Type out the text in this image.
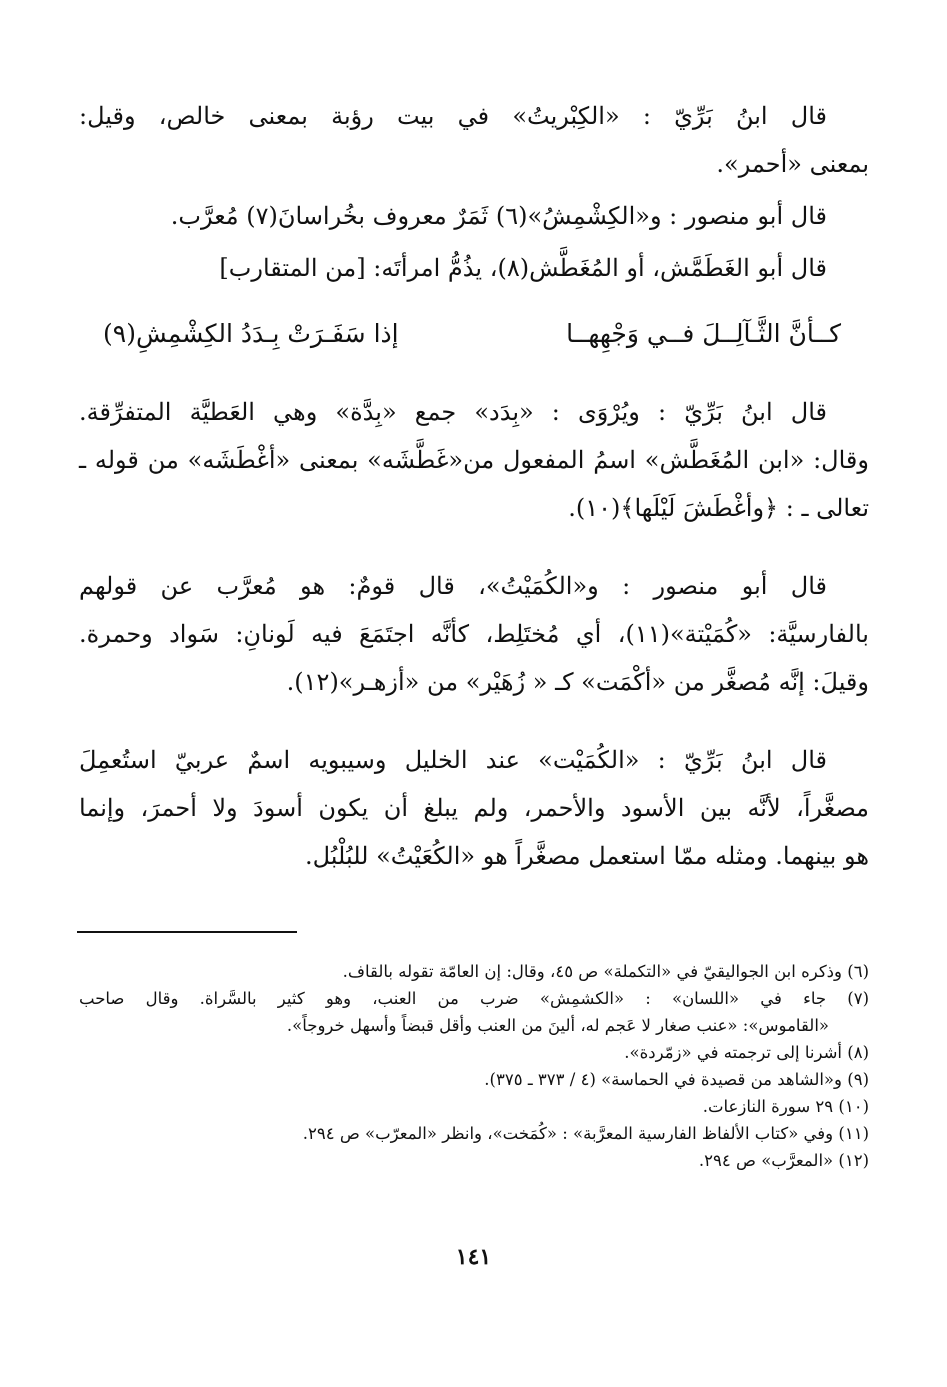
قال ابنُ بَرِّيّ : «الكِبْريتُ» في بيت رؤبة بمعنى خالص، وقيل:
بمعنى «أحمر».
قال أبو منصور : و«الكِشْمِشُ»(٦) ثَمَرٌ معروف بخُراسانَ(٧) مُعرَّب.
قال أبو الغَطَمَّش، أو المُغَطَّش(٨)، يذُمُّ امرأتَه: [من المتقارب]
كــأنَّ الثَّـآلِــلَ فــي وَجْهِهــا
إذا سَفَـرَتْ بِـدَدُ الكِشْمِشِ(٩)
قال ابنُ بَرِّيّ : ويُرْوَى : «بِدَد» جمع «بِدَّة» وهي العَطيَّة المتفرِّقة.
وقال: «ابن المُغَطَّش» اسمُ المفعول من«غَطَّشَه» بمعنى «أغْطَشَه» من قوله ـ
تعالى ـ : ﴿وأغْطَشَ لَيْلَها﴾(١٠).
قال أبو منصور : و«الكُمَيْتُ»، قال قومٌ: هو مُعرَّب عن قولهم
بالفارسيَّة: «كُمَيْتة»(١١)، أي مُختَلِط، كأنَّه اجتَمَعَ فيه لَونانِ: سَواد وحمرة.
وقيلَ: إنَّه مُصغَّر من «أكْمَت» كـ « زُهَيْر» من «أزهـر»(١٢).
قال ابنُ بَرِّيّ : «الكُمَيْت» عند الخليل وسيبويه اسمٌ عربيّ استُعمِلَ
مصغَّراً، لأنَّه بين الأسود والأحمر، ولم يبلغ أن يكون أسودَ ولا أحمرَ، وإنما
هو بينهما. ومثله ممّا استعمل مصغَّراً هو «الكُعَيْتُ» للبُلْبُل.
(٦) وذكره ابن الجواليقيّ في «التكملة» ص ٤٥، وقال: إن العامّة تقوله بالقاف.
(٧) جاء في «اللسان» : «الكشمِش» ضرب من العنب، وهو كثير بالسَّراة. وقال صاحب
«القاموس»: «عنب صغار لا عَجم له، ألينَ من العنب وأقل قبضاً وأسهل خروجاً».
(٨) أشرنا إلى ترجمته في «زمّردة».
(٩) و«الشاهد من قصيدة في الحماسة» (٤ / ٣٧٣ ـ ٣٧٥).
(١٠) ٢٩ سورة النازعات.
(١١) وفي «كتاب الألفاظ الفارسية المعرَّبة» : «كُمَخت»، وانظر «المعرّب» ص ٢٩٤.
(١٢) «المعرَّب» ص ٢٩٤.
١٤١
